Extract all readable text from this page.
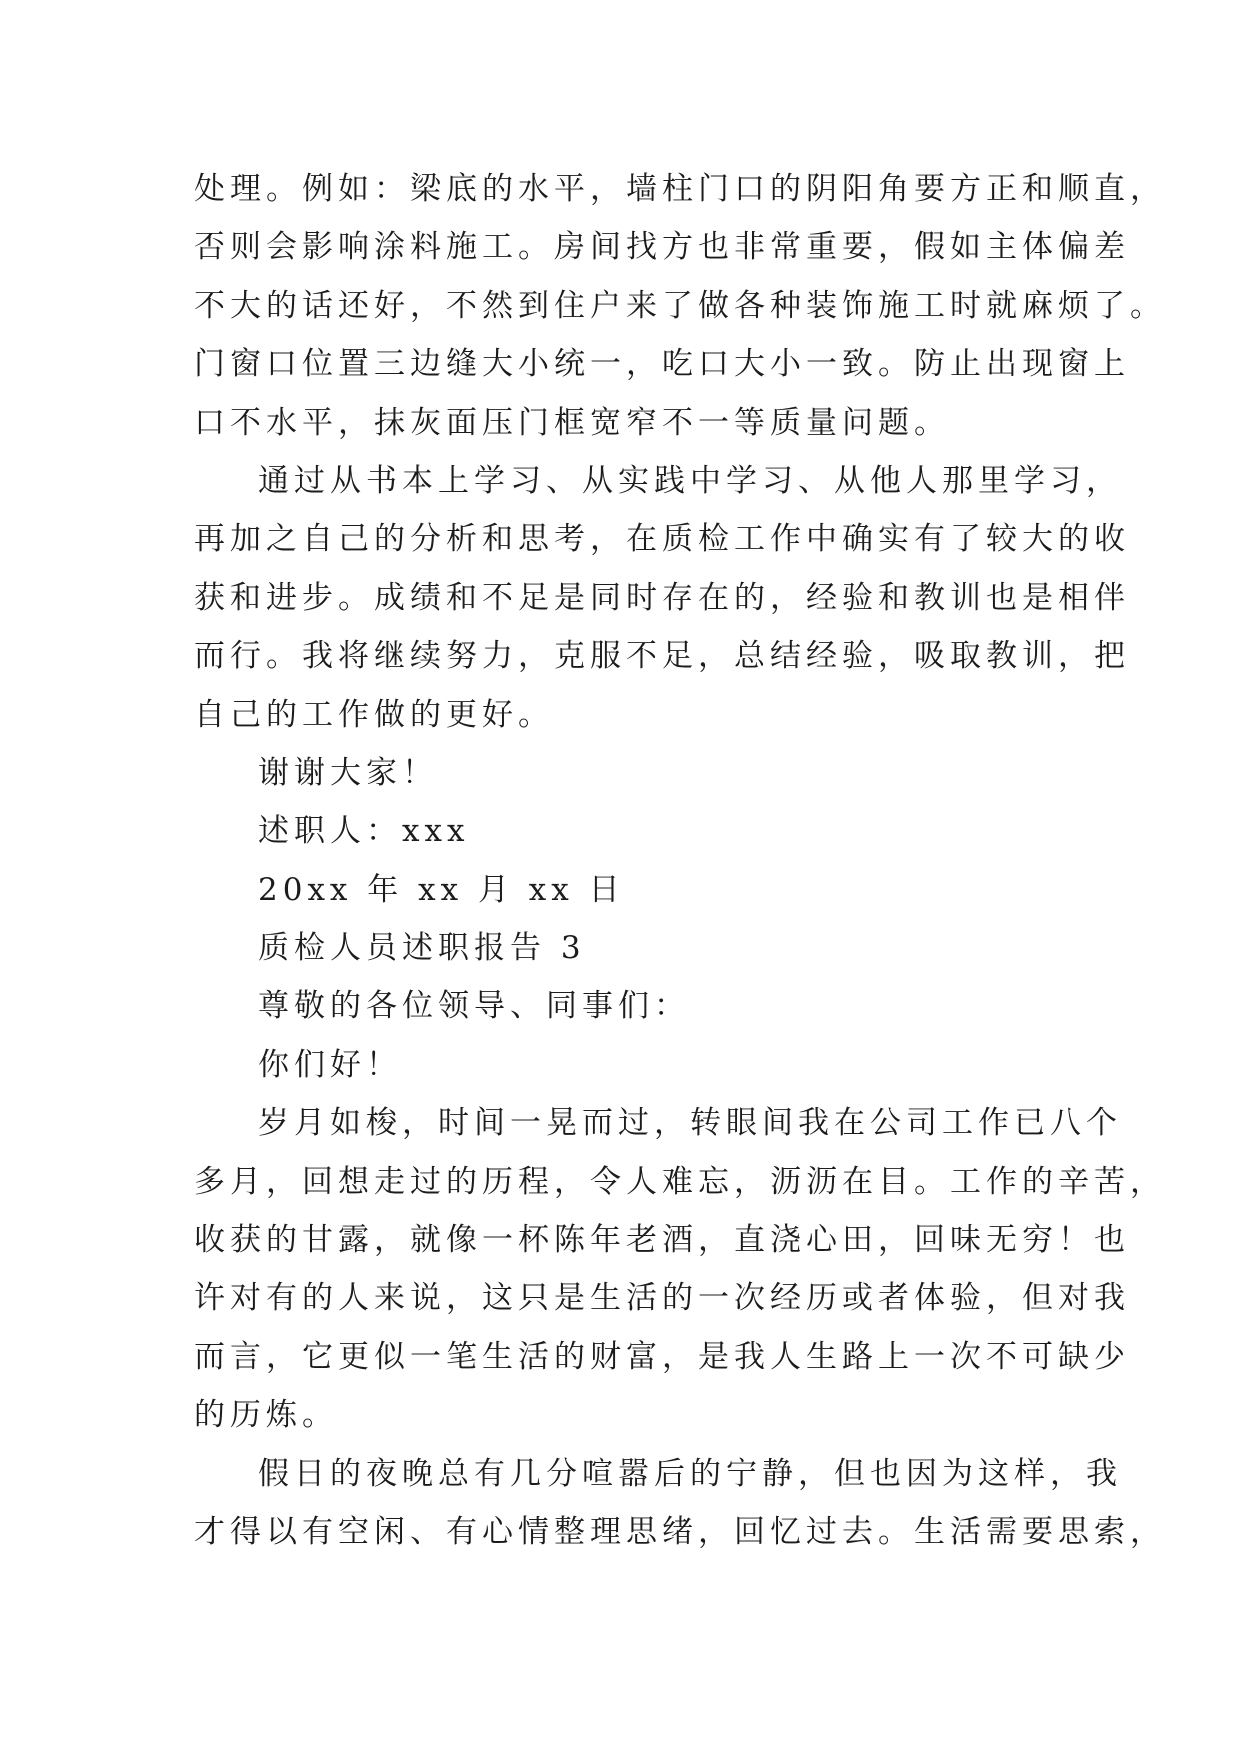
处理。例如：梁底的水平，墙柱门口的阴阳角要方正和顺直，
否则会影响涂料施工。房间找方也非常重要，假如主体偏差
不大的话还好，不然到住户来了做各种装饰施工时就麻烦了。
门窗口位置三边缝大小统一，吃口大小一致。防止出现窗上
口不水平，抹灰面压门框宽窄不一等质量问题。
通过从书本上学习、从实践中学习、从他人那里学习，
再加之自己的分析和思考，在质检工作中确实有了较大的收
获和进步。成绩和不足是同时存在的，经验和教训也是相伴
而行。我将继续努力，克服不足，总结经验，吸取教训，把
自己的工作做的更好。
谢谢大家！
述职人：xxx
20xx 年 xx 月 xx 日
质检人员述职报告 3
尊敬的各位领导、同事们：
你们好！
岁月如梭，时间一晃而过，转眼间我在公司工作已八个
多月，回想走过的历程，令人难忘，沥沥在目。工作的辛苦，
收获的甘露，就像一杯陈年老酒，直浇心田，回味无穷！也
许对有的人来说，这只是生活的一次经历或者体验，但对我
而言，它更似一笔生活的财富，是我人生路上一次不可缺少
的历炼。
假日的夜晚总有几分喧嚣后的宁静，但也因为这样，我
才得以有空闲、有心情整理思绪，回忆过去。生活需要思索，
